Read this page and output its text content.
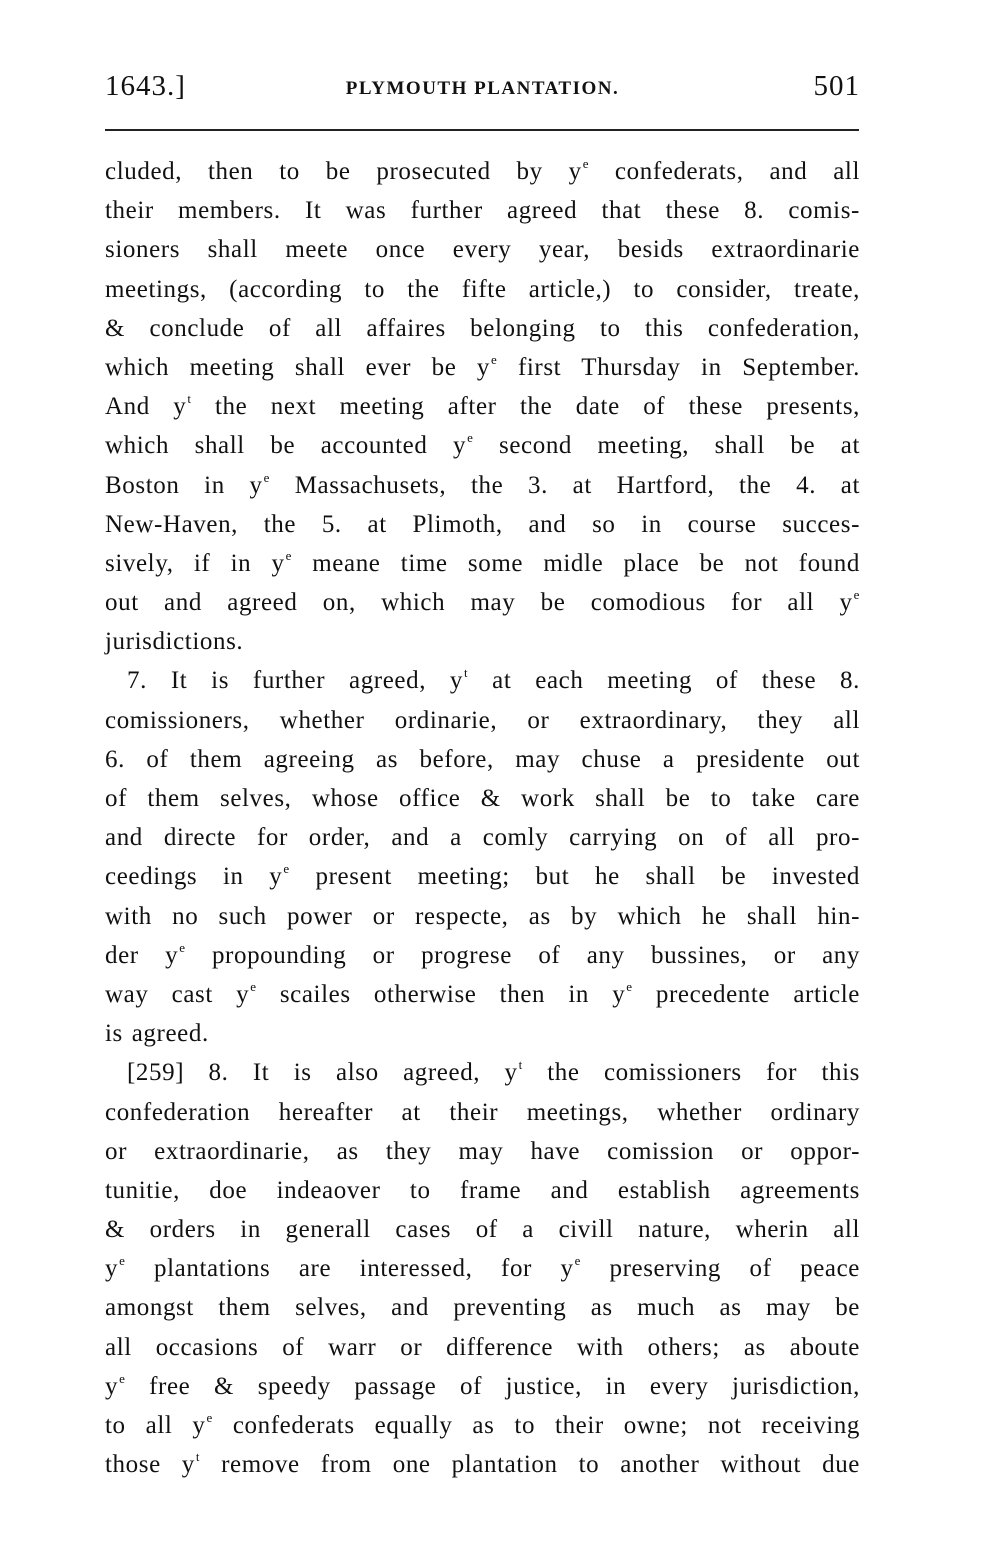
1643.]	PLYMOUTH PLANTATION.	501
cluded, then to be prosecuted by $y^e$ confederats, and all
their members. It was further agreed that these 8. comis-
sioners shall meete once every year, besids extraordinarie
meetings, (according to the fifte article,) to consider, treate,
& conclude of all affaires belonging to this confederation,
which meeting shall ever be $y^e$ first Thursday in September.
And $y^t$ the next meeting after the date of these presents,
which shall be accounted $y^e$ second meeting, shall be at
Boston in $y^e$ Massachusets, the 3. at Hartford, the 4. at
New-Haven, the 5. at Plimoth, and so in course succes-
sively, if in $y^e$ meane time some midle place be not found
out and agreed on, which may be comodious for all $y^e$
jurisdictions.
7. It is further agreed, $y^t$ at each meeting of these 8.
comissioners, whether ordinarie, or extraordinary, they all
6. of them agreeing as before, may chuse a presidente out
of them selves, whose office & work shall be to take care
and directe for order, and a comly carrying on of all pro-
ceedings in $y^e$ present meeting; but he shall be invested
with no such power or respecte, as by which he shall hin-
der $y^e$ propounding or progrese of any bussines, or any
way cast $y^e$ scailes otherwise then in $y^e$ precedente article
is agreed.
[259] 8. It is also agreed, $y^t$ the comissioners for this
confederation hereafter at their meetings, whether ordinary
or extraordinarie, as they may have comission or oppor-
tunitie, doe indeaover to frame and establish agreements
& orders in generall cases of a civill nature, wherin all
$y^e$ plantations are interessed, for $y^e$ preserving of peace
amongst them selves, and preventing as much as may be
all occasions of warr or difference with others; as aboute
$y^e$ free & speedy passage of justice, in every jurisdiction,
to all $y^e$ confederats equally as to their owne; not receiving
those $y^t$ remove from one plantation to another without due
